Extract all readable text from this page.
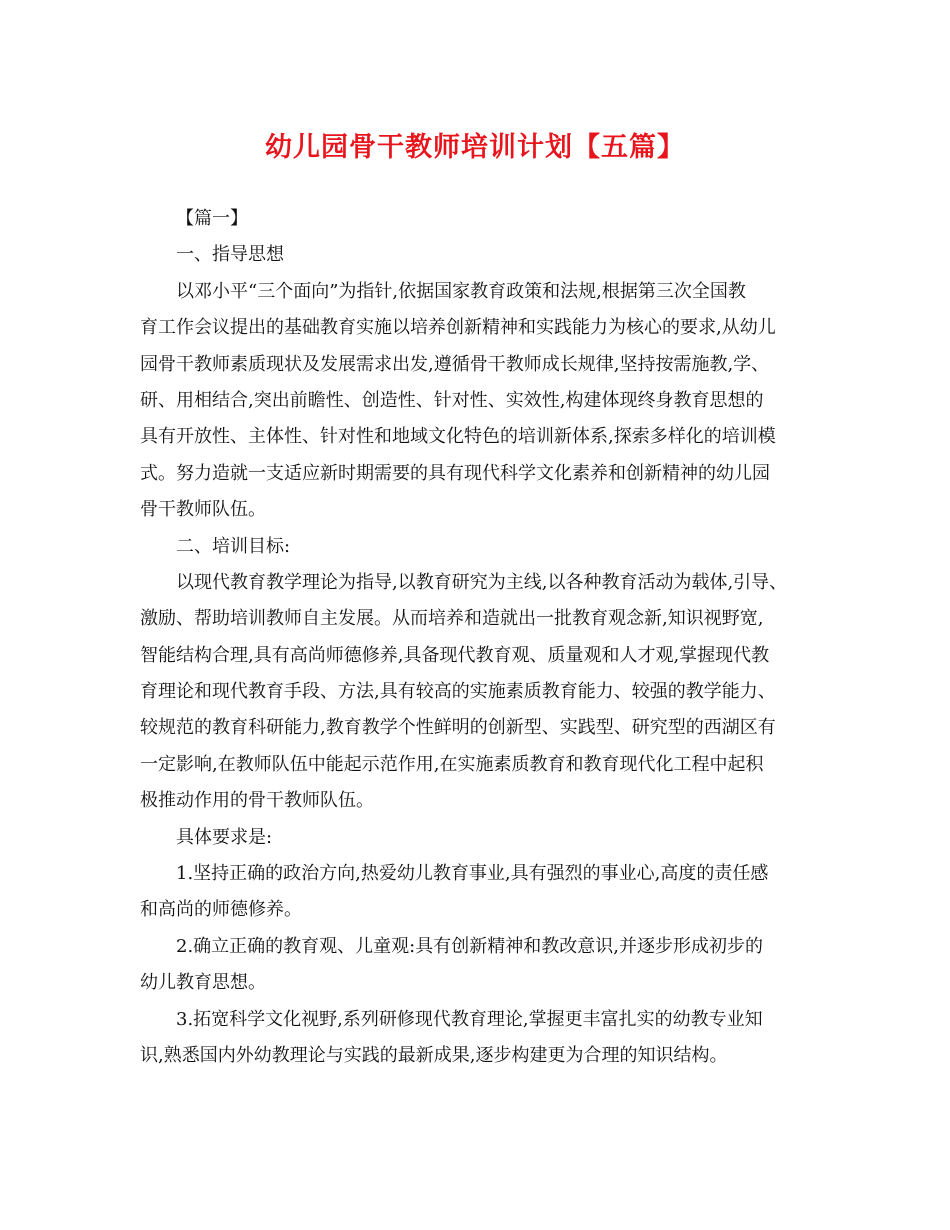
幼儿园骨干教师培训计划【五篇】
【篇一】
一、指导思想
以邓小平“三个面向”为指针,依据国家教育政策和法规,根据第三次全国教
育工作会议提出的基础教育实施以培养创新精神和实践能力为核心的要求,从幼儿
园骨干教师素质现状及发展需求出发,遵循骨干教师成长规律,坚持按需施教,学、
研、用相结合,突出前瞻性、创造性、针对性、实效性,构建体现终身教育思想的
具有开放性、主体性、针对性和地域文化特色的培训新体系,探索多样化的培训模
式。努力造就一支适应新时期需要的具有现代科学文化素养和创新精神的幼儿园
骨干教师队伍。
二、培训目标:
以现代教育教学理论为指导,以教育研究为主线,以各种教育活动为载体,引导、
激励、帮助培训教师自主发展。从而培养和造就出一批教育观念新,知识视野宽,
智能结构合理,具有高尚师德修养,具备现代教育观、质量观和人才观,掌握现代教
育理论和现代教育手段、方法,具有较高的实施素质教育能力、较强的教学能力、
较规范的教育科研能力,教育教学个性鲜明的创新型、实践型、研究型的西湖区有
一定影响,在教师队伍中能起示范作用,在实施素质教育和教育现代化工程中起积
极推动作用的骨干教师队伍。
具体要求是:
1.坚持正确的政治方向,热爱幼儿教育事业,具有强烈的事业心,高度的责任感
和高尚的师德修养。
2.确立正确的教育观、儿童观:具有创新精神和教改意识,并逐步形成初步的
幼儿教育思想。
3.拓宽科学文化视野,系列研修现代教育理论,掌握更丰富扎实的幼教专业知
识,熟悉国内外幼教理论与实践的最新成果,逐步构建更为合理的知识结构。
